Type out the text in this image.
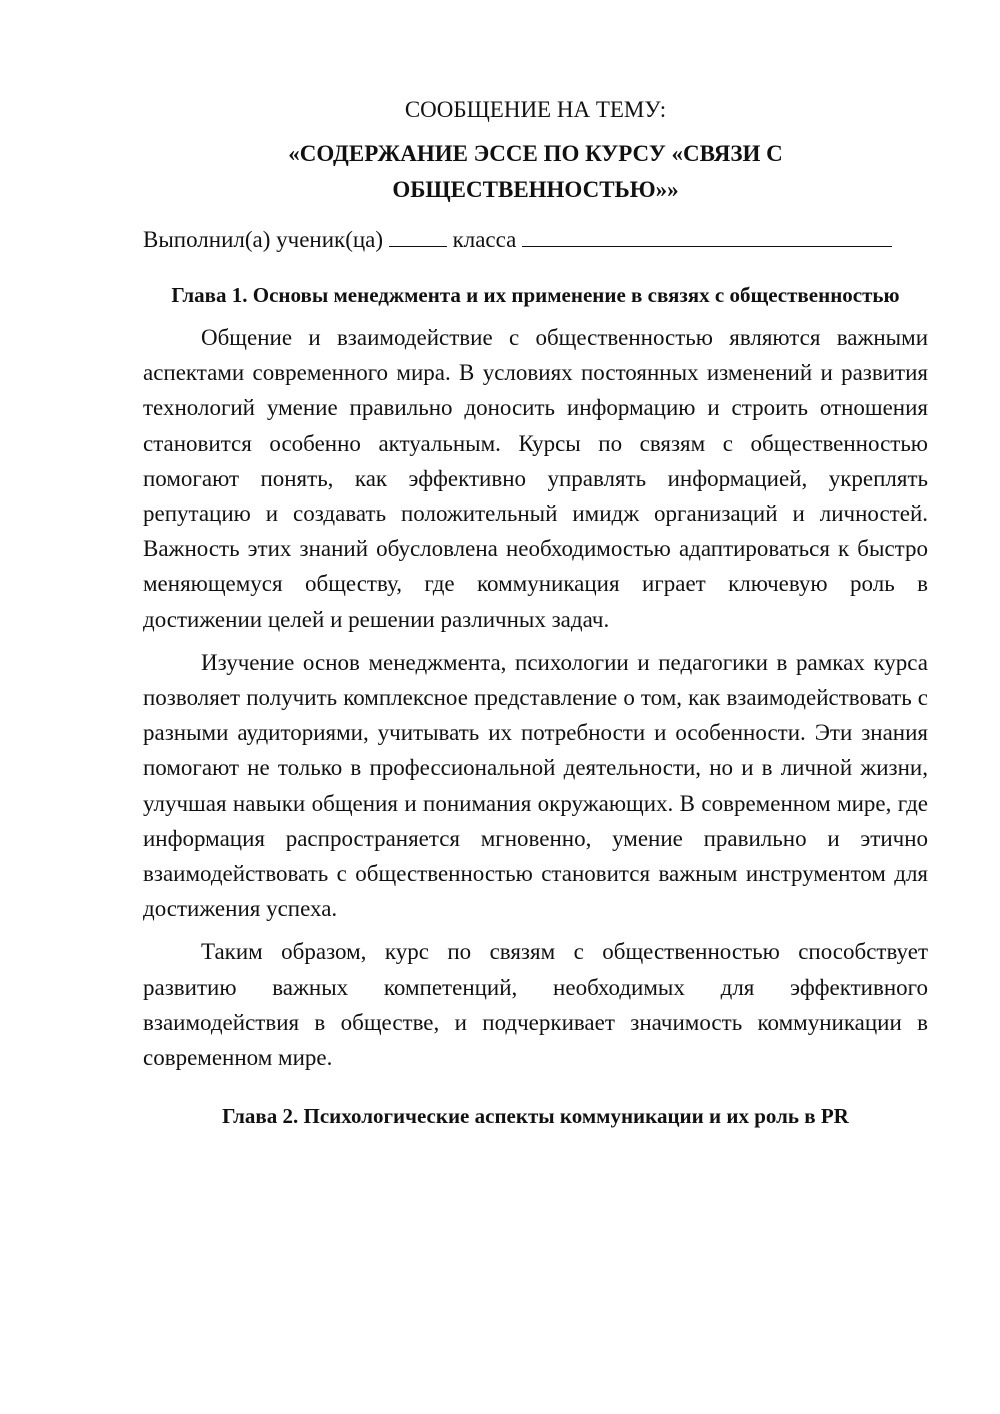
СООБЩЕНИЕ НА ТЕМУ:

«СОДЕРЖАНИЕ ЭССЕ ПО КУРСУ «СВЯЗИ С ОБЩЕСТВЕННОСТЬЮ»»

Выполнил(а) ученик(ца)	класса

Глава 1. Основы менеджмента и их применение в связях с общественностью

Общение и взаимодействие с общественностью являются важными аспектами современного мира. В условиях постоянных изменений и развития технологий умение правильно доносить информацию и строить отношения становится особенно актуальным. Курсы по связям с общественностью помогают понять, как эффективно управлять информацией, укреплять репутацию и создавать положительный имидж организаций и личностей. Важность этих знаний обусловлена необходимостью адаптироваться к быстро меняющемуся обществу, где коммуникация играет ключевую роль в достижении целей и решении различных задач.

Изучение основ менеджмента, психологии и педагогики в рамках курса позволяет получить комплексное представление о том, как взаимодействовать с разными аудиториями, учитывать их потребности и особенности. Эти знания помогают не только в профессиональной деятельности, но и в личной жизни, улучшая навыки общения и понимания окружающих. В современном мире, где информация распространяется мгновенно, умение правильно и этично взаимодействовать с общественностью становится важным инструментом для достижения успеха.

Таким образом, курс по связям с общественностью способствует развитию важных компетенций, необходимых для эффективного взаимодействия в обществе, и подчеркивает значимость коммуникации в современном мире.

Глава 2. Психологические аспекты коммуникации и их роль в PR
